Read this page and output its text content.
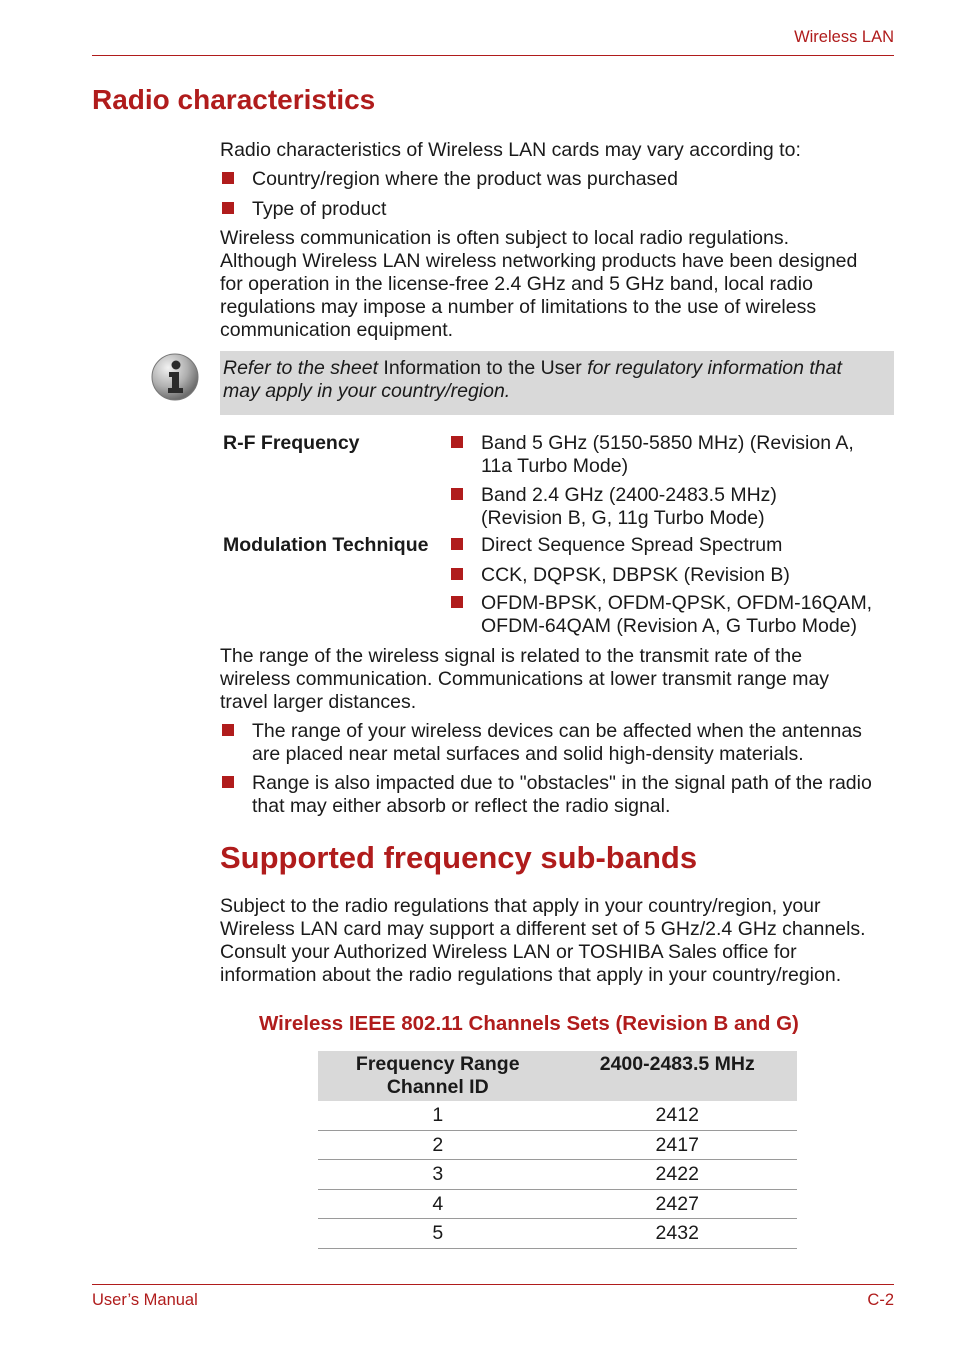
Wireless LAN
Radio characteristics
Radio characteristics of Wireless LAN cards may vary according to:
Country/region where the product was purchased
Type of product
Wireless communication is often subject to local radio regulations.
Although Wireless LAN wireless networking products have been designed
for operation in the license-free 2.4 GHz and 5 GHz band, local radio
regulations may impose a number of limitations to the use of wireless
communication equipment.
Refer to the sheet Information to the User for regulatory information that
may apply in your country/region.
R-F Frequency	Band 5 GHz (5150-5850 MHz) (Revision A,
11a Turbo Mode)
Band 2.4 GHz (2400-2483.5 MHz)
(Revision B, G, 11g Turbo Mode)
Modulation Technique	Direct Sequence Spread Spectrum
CCK, DQPSK, DBPSK (Revision B)
OFDM-BPSK, OFDM-QPSK, OFDM-16QAM,
OFDM-64QAM (Revision A, G Turbo Mode)
The range of the wireless signal is related to the transmit rate of the
wireless communication. Communications at lower transmit range may
travel larger distances.
The range of your wireless devices can be affected when the antennas
are placed near metal surfaces and solid high-density materials.
Range is also impacted due to "obstacles" in the signal path of the radio
that may either absorb or reflect the radio signal.
Supported frequency sub-bands
Subject to the radio regulations that apply in your country/region, your
Wireless LAN card may support a different set of 5 GHz/2.4 GHz channels.
Consult your Authorized Wireless LAN or TOSHIBA Sales office for
information about the radio regulations that apply in your country/region.
Wireless IEEE 802.11 Channels Sets (Revision B and G)
Frequency Range
Channel ID	2400-2483.5 MHz
1	2412
2	2417
3	2422
4	2427
5	2432
User’s Manual	C-2
